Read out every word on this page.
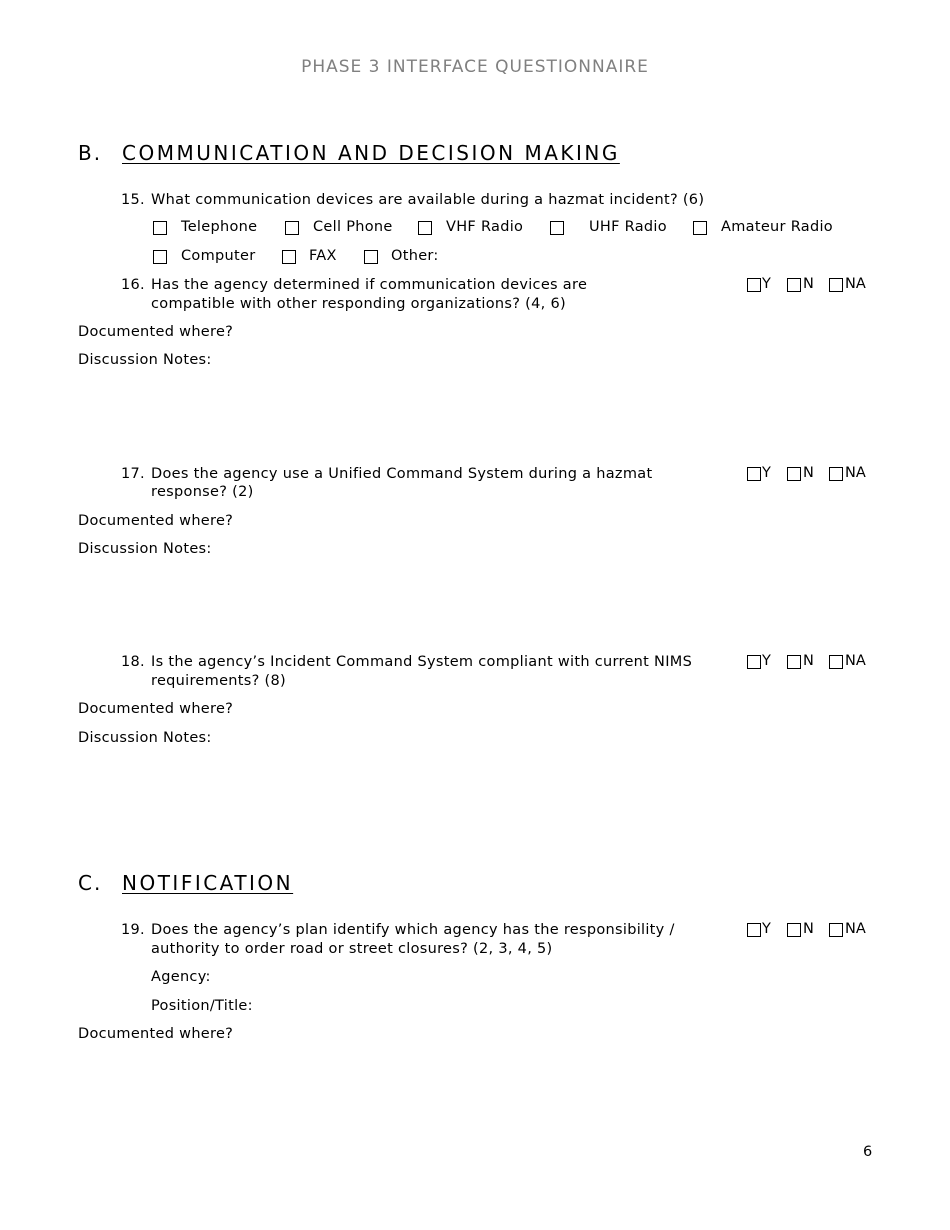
PHASE 3 INTERFACE QUESTIONNAIRE
B. COMMUNICATION AND DECISION MAKING
15. What communication devices are available during a hazmat incident? (6)
Telephone	Cell Phone	VHF Radio	UHF Radio	Amateur Radio
Computer	FAX	Other:
16. Has the agency determined if communication devices are
compatible with other responding organizations? (4, 6)
Y N NA
Documented where?
Discussion Notes:
17. Does the agency use a Unified Command System during a hazmat
response? (2)
Y N NA
Documented where?
Discussion Notes:
18. Is the agency’s Incident Command System compliant with current NIMS
requirements? (8)
Y N NA
Documented where?
Discussion Notes:
C. NOTIFICATION
19. Does the agency’s plan identify which agency has the responsibility /
authority to order road or street closures? (2, 3, 4, 5)
Y N NA
Agency:
Position/Title:
Documented where?
6
